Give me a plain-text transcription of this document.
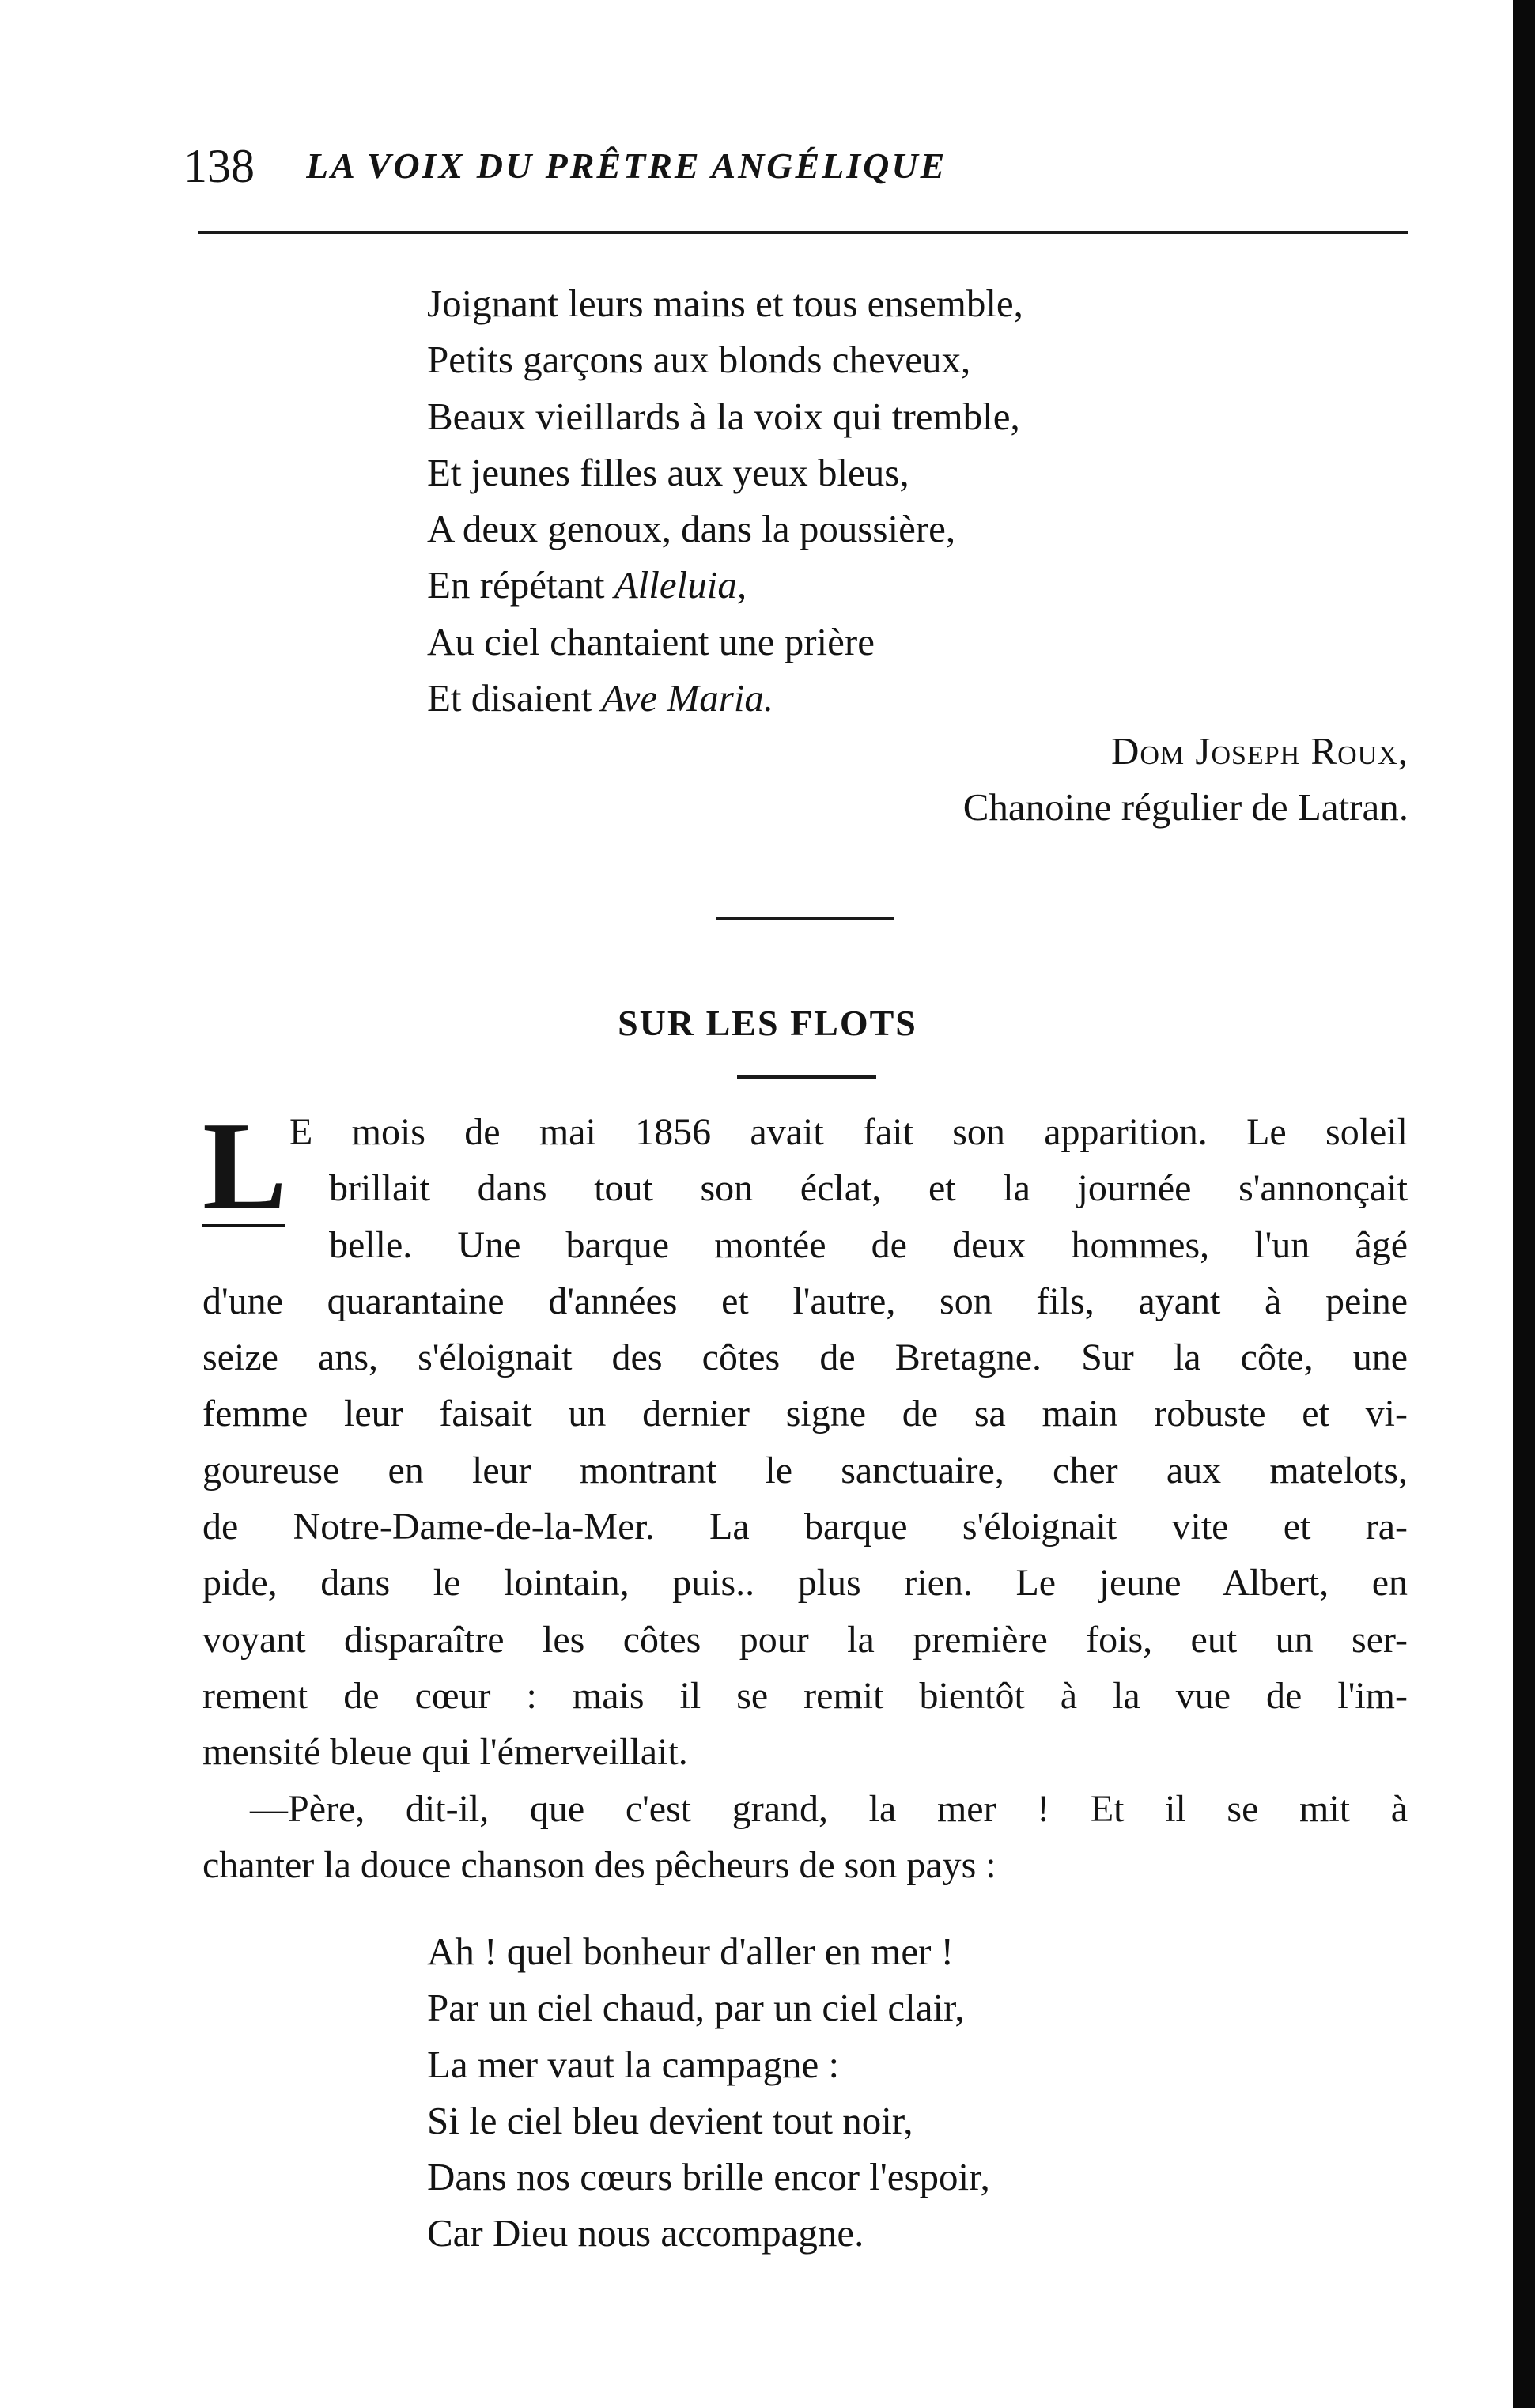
138 LA VOIX DU PRÊTRE ANGÉLIQUE
Joignant leurs mains et tous ensemble,
Petits garçons aux blonds cheveux,
Beaux vieillards à la voix qui tremble,
Et jeunes filles aux yeux bleus,
A deux genoux, dans la poussière,
En répétant Alleluia,
Au ciel chantaient une prière
Et disaient Ave Maria.
Dom Joseph Roux,
Chanoine régulier de Latran.
SUR LES FLOTS
L E mois de mai 1856 avait fait son apparition. Le soleil
brillait dans tout son éclat, et la journée s'annonçait
belle. Une barque montée de deux hommes, l'un âgé
d'une quarantaine d'années et l'autre, son fils, ayant à peine
seize ans, s'éloignait des côtes de Bretagne. Sur la côte, une
femme leur faisait un dernier signe de sa main robuste et vi-
goureuse en leur montrant le sanctuaire, cher aux matelots,
de Notre-Dame-de-la-Mer. La barque s'éloignait vite et ra-
pide, dans le lointain, puis.. plus rien. Le jeune Albert, en
voyant disparaître les côtes pour la première fois, eut un ser-
rement de cœur : mais il se remit bientôt à la vue de l'im-
mensité bleue qui l'émerveillait.
—Père, dit-il, que c'est grand, la mer ! Et il se mit à
chanter la douce chanson des pêcheurs de son pays :
Ah ! quel bonheur d'aller en mer !
Par un ciel chaud, par un ciel clair,
La mer vaut la campagne :
Si le ciel bleu devient tout noir,
Dans nos cœurs brille encor l'espoir,
Car Dieu nous accompagne.
